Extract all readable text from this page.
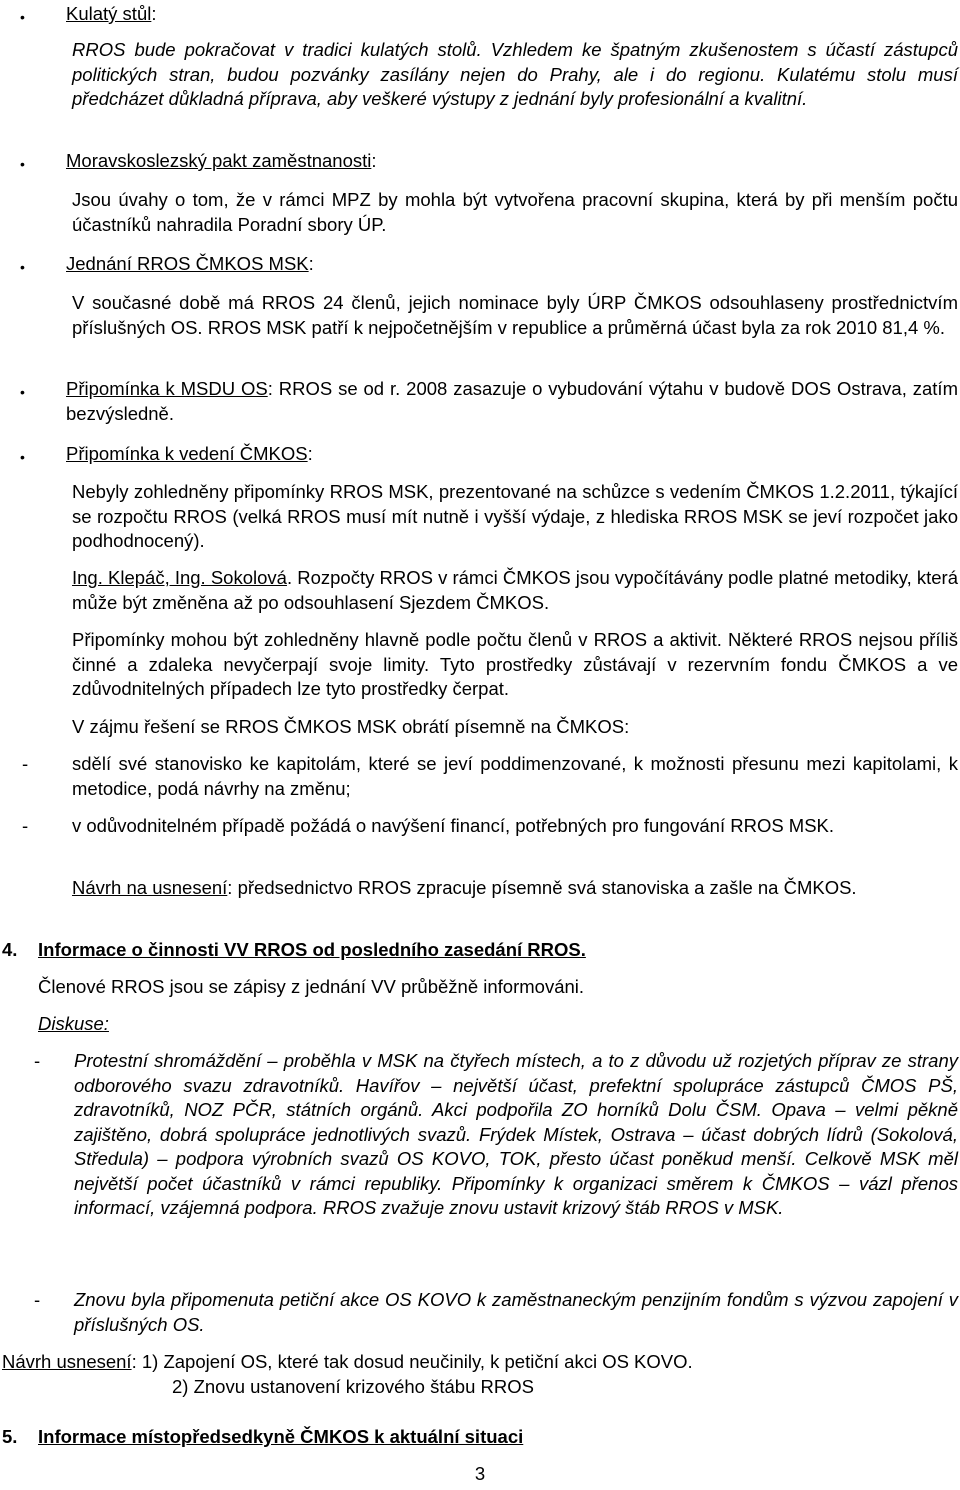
• Kulatý stůl:
RROS bude pokračovat v tradici kulatých stolů. Vzhledem ke špatným zkušenostem s účastí zástupců politických stran, budou pozvánky zasílány nejen do Prahy, ale i do regionu. Kulatému stolu musí předcházet důkladná příprava, aby veškeré výstupy z jednání byly profesionální a kvalitní.
• Moravskoslezský pakt zaměstnanosti:
Jsou úvahy o tom, že v rámci MPZ by mohla být vytvořena pracovní skupina, která by při menším počtu účastníků nahradila Poradní sbory ÚP.
• Jednání RROS ČMKOS MSK:
V současné době má RROS 24 členů, jejich nominace byly ÚRP ČMKOS odsouhlaseny prostřednictvím příslušných OS. RROS MSK patří k nejpočetnějším v republice a průměrná účast byla za rok 2010 81,4 %.
• Připomínka k MSDU OS: RROS se od r. 2008 zasazuje o vybudování výtahu v budově DOS Ostrava, zatím bezvýsledně.
• Připomínka k vedení ČMKOS:
Nebyly zohledněny připomínky RROS MSK, prezentované na schůzce s vedením ČMKOS 1.2.2011, týkající se rozpočtu RROS (velká RROS musí mít nutně i vyšší výdaje, z hlediska RROS MSK se jeví rozpočet jako podhodnocený).
Ing. Klepáč, Ing. Sokolová. Rozpočty RROS v rámci ČMKOS jsou vypočítávány podle platné metodiky, která může být změněna až po odsouhlasení Sjezdem ČMKOS.
Připomínky mohou být zohledněny hlavně podle počtu členů v RROS a aktivit. Některé RROS nejsou příliš činné a zdaleka nevyčerpají svoje limity. Tyto prostředky zůstávají v rezervním fondu ČMKOS a ve zdůvodnitelných případech lze tyto prostředky čerpat.
V zájmu řešení se RROS ČMKOS MSK obrátí písemně na ČMKOS:
- sdělí své stanovisko ke kapitolám, které se jeví poddimenzované, k možnosti přesunu mezi kapitolami, k metodice, podá návrhy na změnu;
- v odůvodnitelném případě požádá o navýšení financí, potřebných pro fungování RROS MSK.
Návrh na usnesení: předsednictvo RROS zpracuje písemně svá stanoviska a zašle na ČMKOS.
4. Informace o činnosti VV RROS od posledního zasedání RROS.
Členové RROS jsou se zápisy z jednání VV průběžně informováni.
Diskuse:
- Protestní shromáždění – proběhla v MSK na čtyřech místech, a to z důvodu už rozjetých příprav ze strany odborového svazu zdravotníků. Havířov – největší účast, prefektní spolupráce zástupců ČMOS PŠ, zdravotníků, NOZ PČR, státních orgánů. Akci podpořila ZO horníků Dolu ČSM. Opava – velmi pěkně zajištěno, dobrá spolupráce jednotlivých svazů. Frýdek Místek, Ostrava – účast dobrých lídrů (Sokolová, Středula) – podpora výrobních svazů OS KOVO, TOK, přesto účast poněkud menší. Celkově MSK měl největší počet účastníků v rámci republiky. Připomínky k organizaci směrem k ČMKOS – vázl přenos informací, vzájemná podpora. RROS zvažuje znovu ustavit krizový štáb RROS v MSK.
- Znovu byla připomenuta petiční akce OS KOVO k zaměstnaneckým penzijním fondům s výzvou zapojení v příslušných OS.
Návrh usnesení: 1) Zapojení OS, které tak dosud neučinily, k petiční akci OS KOVO.
2) Znovu ustanovení krizového štábu RROS
5. Informace místopředsedkyně ČMKOS k aktuální situaci
3
